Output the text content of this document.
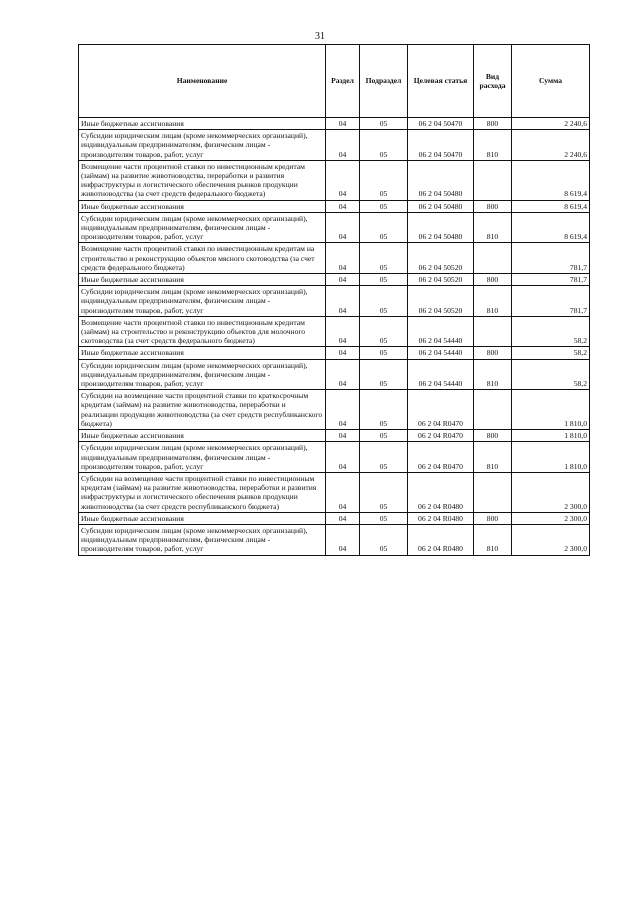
31
Наименование	Раздел	Подраздел	Целевая статья	Вид расхода	Сумма
Иные бюджетные ассигнования	04	05	06 2 04 50470	800	2 240,6
Субсидии юридическим лицам (кроме некоммерческих организаций), индивидуальным предпринимателям, физическим лицам - производителям товаров, работ, услуг	04	05	06 2 04 50470	810	2 240,6
Возмещение части процентной ставки по инвестиционным кредитам (займам) на развитие животноводства, переработки и развития инфраструктуры и логистического обеспечения рынков продукции животноводства (за счет средств федерального бюджета)	04	05	06 2 04 50480		8 619,4
Иные бюджетные ассигнования	04	05	06 2 04 50480	800	8 619,4
Субсидии юридическим лицам (кроме некоммерческих организаций), индивидуальным предпринимателям, физическим лицам - производителям товаров, работ, услуг	04	05	06 2 04 50480	810	8 619,4
Возмещение части процентной ставки по инвестиционным кредитам на строительство и реконструкцию объектов мясного скотоводства (за счет средств федерального бюджета)	04	05	06 2 04 50520		781,7
Иные бюджетные ассигнования	04	05	06 2 04 50520	800	781,7
Субсидии юридическим лицам (кроме некоммерческих организаций), индивидуальным предпринимателям, физическим лицам - производителям товаров, работ, услуг	04	05	06 2 04 50520	810	781,7
Возмещение части процентной ставки по инвестиционным кредитам (займам) на строительство и реконструкцию объектов для молочного скотоводства (за счет средств федерального бюджета)	04	05	06 2 04 54440		58,2
Иные бюджетные ассигнования	04	05	06 2 04 54440	800	58,2
Субсидии юридическим лицам (кроме некоммерческих организаций), индивидуальным предпринимателям, физическим лицам - производителям товаров, работ, услуг	04	05	06 2 04 54440	810	58,2
Субсидии на возмещение части процентной ставки по краткосрочным кредитам (займам) на развитие животноводства, переработки и реализации продукции животноводства (за счет средств республиканского бюджета)	04	05	06 2 04 R0470		1 810,0
Иные бюджетные ассигнования	04	05	06 2 04 R0470	800	1 810,0
Субсидии юридическим лицам (кроме некоммерческих организаций), индивидуальным предпринимателям, физическим лицам - производителям товаров, работ, услуг	04	05	06 2 04 R0470	810	1 810,0
Субсидии на возмещение части процентной ставки по инвестиционным кредитам (займам) на развитие животноводства, переработки и развития инфраструктуры и логистического обеспечения рынков продукции животноводства (за счет средств республиканского бюджета)	04	05	06 2 04 R0480		2 300,0
Иные бюджетные ассигнования	04	05	06 2 04 R0480	800	2 300,0
Субсидии юридическим лицам (кроме некоммерческих организаций), индивидуальным предпринимателям, физическим лицам - производителям товаров, работ, услуг	04	05	06 2 04 R0480	810	2 300,0
